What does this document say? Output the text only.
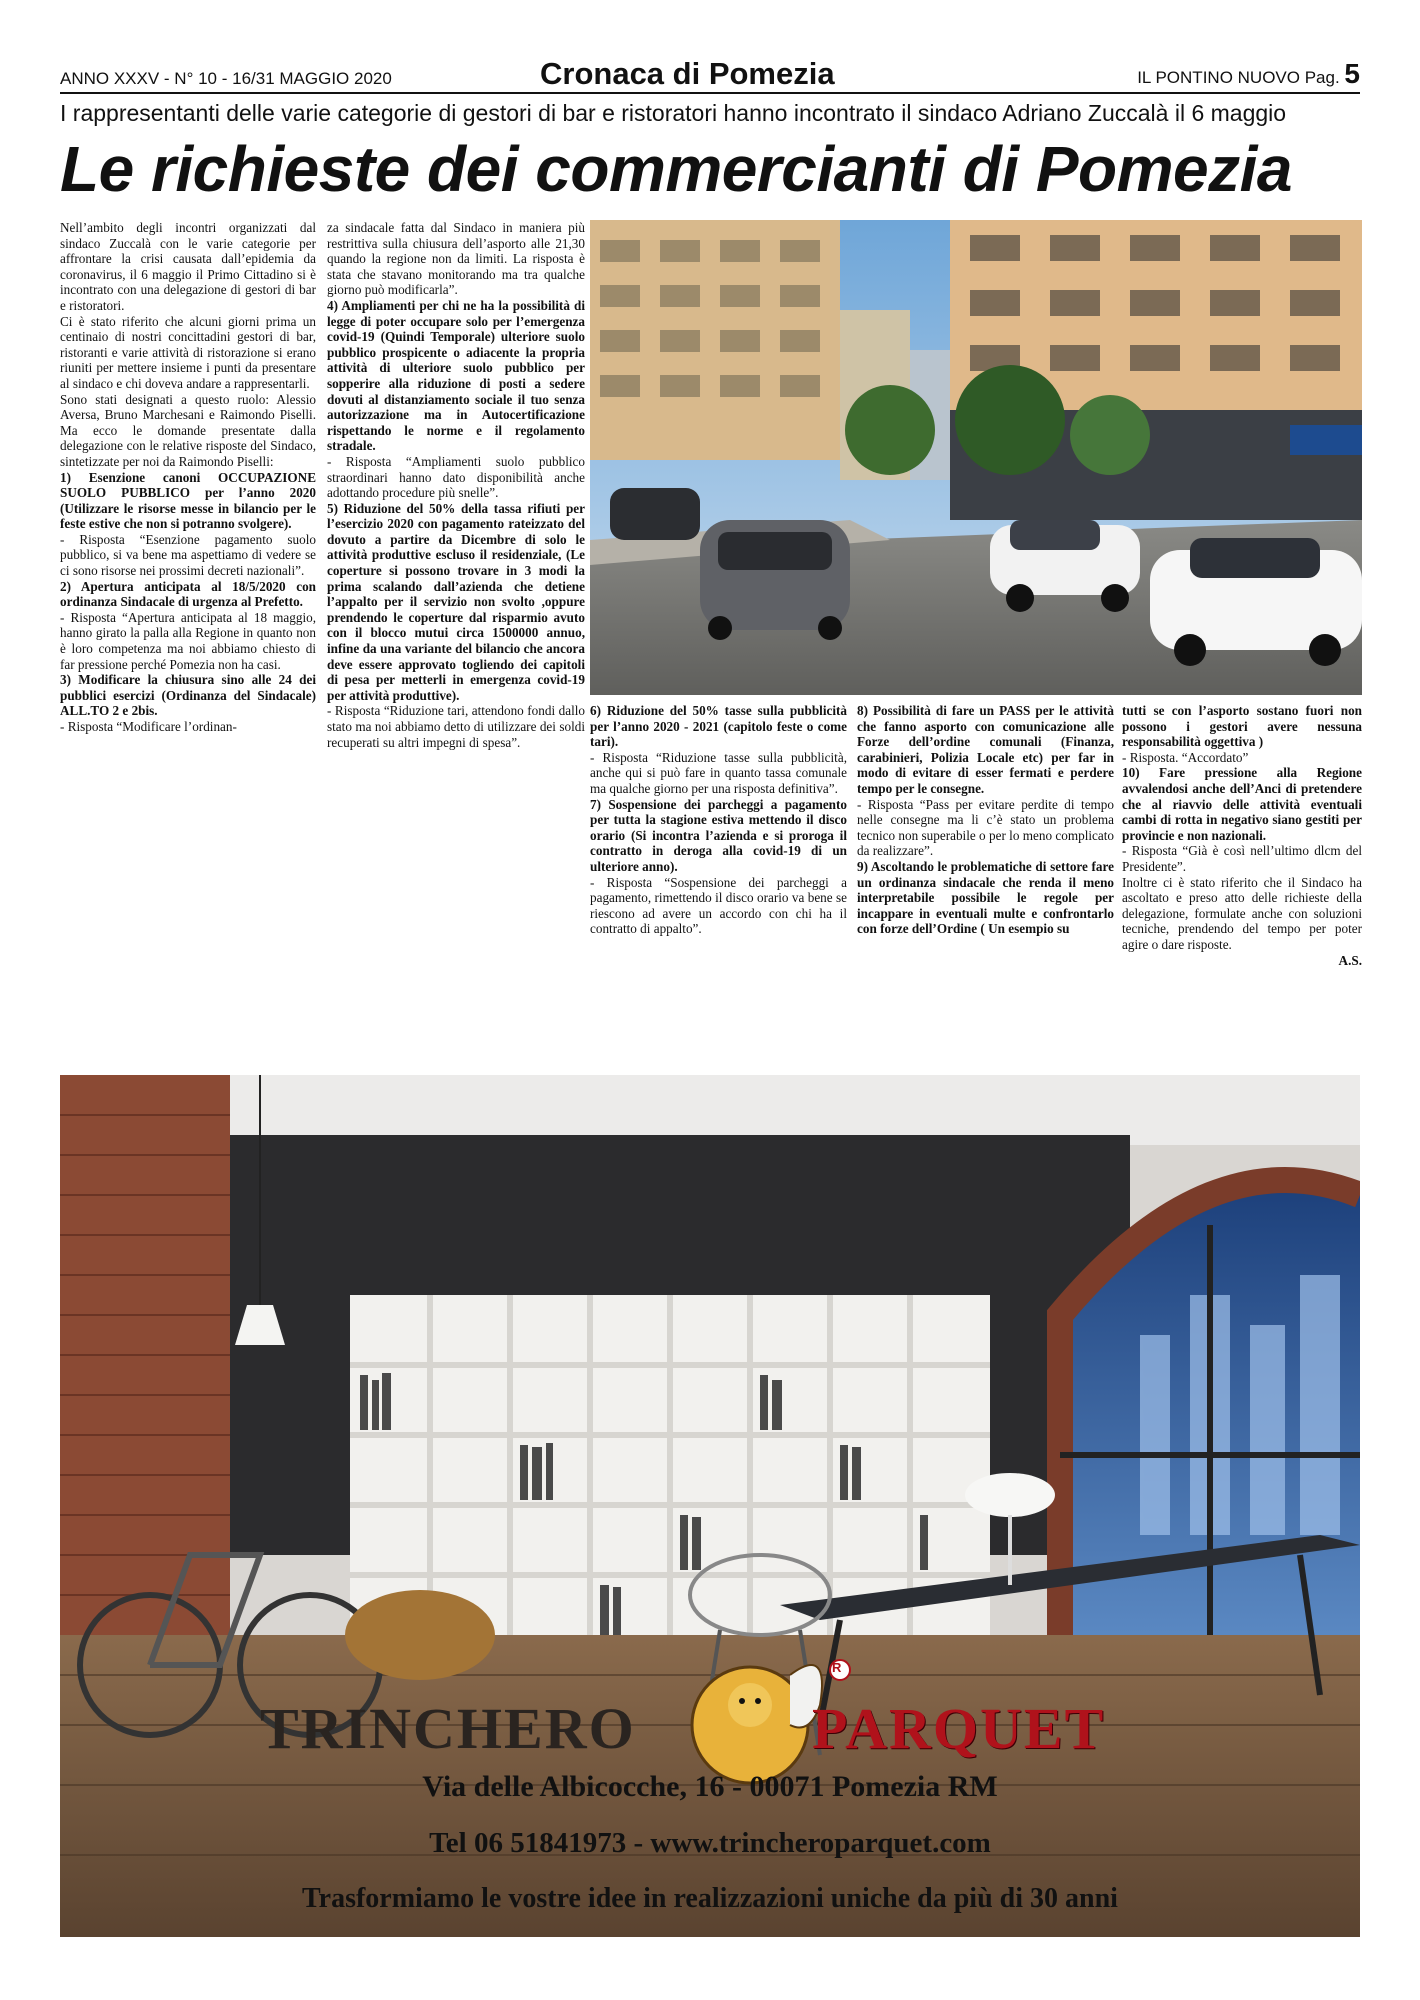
ANNO XXXV - N° 10 - 16/31 MAGGIO 2020	Cronaca di Pomezia	IL PONTINO NUOVO Pag. 5
I rappresentanti delle varie categorie di gestori di bar e ristoratori hanno incontrato il sindaco Adriano Zuccalà il 6 maggio
Le richieste dei commercianti di Pomezia

Nell’ambito degli incontri organizzati dal sindaco Zuccalà con le varie categorie per affrontare la crisi causata dall’epidemia da coronavirus, il 6 maggio il Primo Cittadino si è incontrato con una delegazione di gestori di bar e ristoratori.

Ci è stato riferito che alcuni giorni prima un centinaio di nostri concittadini gestori di bar, ristoranti e varie attività di ristorazione si erano riuniti per mettere insieme i punti da presentare al sindaco e chi doveva andare a rappresentarli.

Sono stati designati a questo ruolo: Alessio Aversa, Bruno Marchesani e Raimondo Piselli. Ma ecco le domande presentate dalla delegazione con le relative risposte del Sindaco, sintetizzate per noi da Raimondo Piselli:

1) Esenzione canoni OCCUPAZIONE SUOLO PUBBLICO per l’anno 2020 (Utilizzare le risorse messe in bilancio per le feste estive che non si potranno svolgere).

- Risposta “Esenzione pagamento suolo pubblico, si va bene ma aspettiamo di vedere se ci sono risorse nei prossimi decreti nazionali”.

2) Apertura anticipata al 18/5/2020 con ordinanza Sindacale di urgenza al Prefetto.

- Risposta “Apertura anticipata al 18 maggio, hanno girato la palla alla Regione in quanto non è loro competenza ma noi abbiamo chiesto di far pressione perché Pomezia non ha casi.

3) Modificare la chiusura sino alle 24 dei pubblici esercizi (Ordinanza del Sindacale) ALL.TO 2 e 2bis.

- Risposta “Modificare l’ordinan-

za sindacale fatta dal Sindaco in maniera più restrittiva sulla chiusura dell’asporto alle 21,30 quando la regione non da limiti. La risposta è stata che stavano monitorando ma tra qualche giorno può modificarla”.

4) Ampliamenti per chi ne ha la possibilità di legge di poter occupare solo per l’emergenza covid-19 (Quindi Temporale) ulteriore suolo pubblico prospicente o adiacente la propria attività di ulteriore suolo pubblico per sopperire alla riduzione di posti a sedere dovuti al distanziamento sociale il tuo senza autorizzazione ma in Autocertificazione rispettando le norme e il regolamento stradale.

- Risposta “Ampliamenti suolo pubblico straordinari hanno dato disponibilità anche adottando procedure più snelle”.

5) Riduzione del 50% della tassa rifiuti per l’esercizio 2020 con pagamento rateizzato del dovuto a partire da Dicembre di solo le attività produttive escluso il residenziale, (Le coperture si possono trovare in 3 modi la prima scalando dall’azienda che detiene l’appalto per il servizio non svolto ,oppure prendendo le coperture dal risparmio avuto con il blocco mutui circa 1500000 annuo, infine da una variante del bilancio che ancora deve essere approvato togliendo dei capitoli di pesa per metterli in emergenza covid-19 per attività produttive).

- Risposta “Riduzione tari, attendono fondi dallo stato ma noi abbiamo detto di utilizzare dei soldi recuperati su altri impegni di spesa”.

6) Riduzione del 50% tasse sulla pubblicità per l’anno 2020 - 2021 (capitolo feste o come tari).

- Risposta “Riduzione tasse sulla pubblicità, anche qui si può fare in quanto tassa comunale ma qualche giorno per una risposta definitiva”.

7) Sospensione dei parcheggi a pagamento per tutta la stagione estiva mettendo il disco orario (Si incontra l’azienda e si proroga il contratto in deroga alla covid-19 di un ulteriore anno).

- Risposta “Sospensione dei parcheggi a pagamento, rimettendo il disco orario va bene se riescono ad avere un accordo con chi ha il contratto di appalto”.

8) Possibilità di fare un PASS per le attività che fanno asporto con comunicazione alle Forze dell’ordine comunali (Finanza, carabinieri, Polizia Locale etc) per far in modo di evitare di esser fermati e perdere tempo per le consegne.

- Risposta “Pass per evitare perdite di tempo nelle consegne ma li c’è stato un problema tecnico non superabile o per lo meno complicato da realizzare”.

9) Ascoltando le problematiche di settore fare un ordinanza sindacale che renda il meno interpretabile possibile le regole per incappare in eventuali multe e confrontarlo con forze dell’Ordine ( Un esempio su

tutti se con l’asporto sostano fuori non possono i gestori avere nessuna responsabilità oggettiva )

- Risposta. “Accordato”

10) Fare pressione alla Regione avvalendosi anche dell’Anci di pretendere che al riavvio delle attività eventuali cambi di rotta in negativo siano gestiti per provincie e non nazionali.

- Risposta “Già è così nell’ultimo dlcm del Presidente”.

Inoltre ci è stato riferito che il Sindaco ha ascoltato e preso atto delle richieste della delegazione, formulate anche con soluzioni tecniche, prendendo del tempo per poter agire o dare risposte.

A.S.

TRINCHERO	PARQUET
R
Via delle Albicocche, 16 - 00071 Pomezia RM
Tel 06 51841973 - www.trincheroparquet.com
Trasformiamo le vostre idee in realizzazioni uniche da più di 30 anni
